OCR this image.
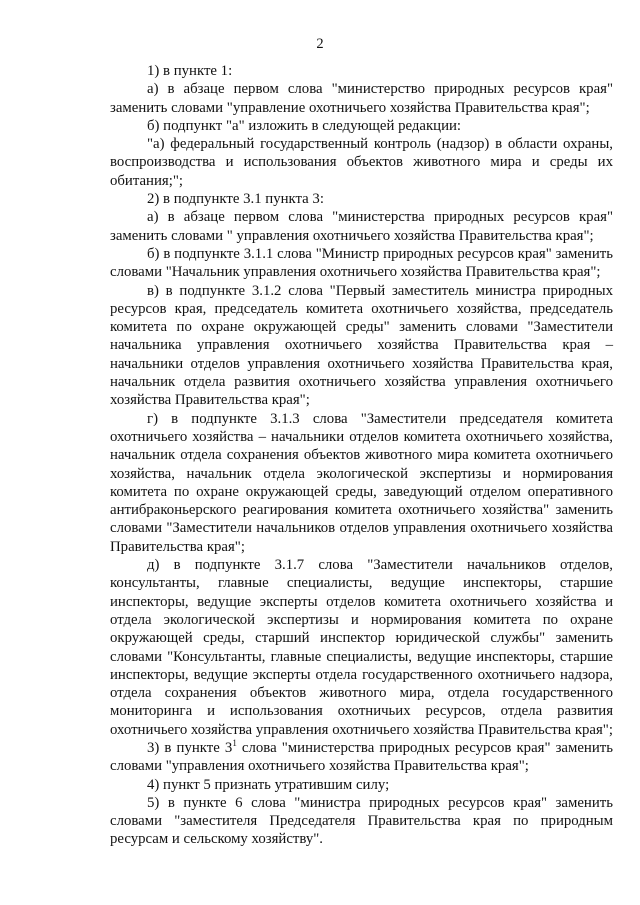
2

1) в пункте 1:

а) в абзаце первом слова "министерство природных ресурсов края" заменить словами "управление охотничьего хозяйства Правительства края";

б) подпункт "а" изложить в следующей редакции:

"а) федеральный государственный контроль (надзор) в области охраны, воспроизводства и использования объектов животного мира и среды их обитания;";

2) в подпункте 3.1 пункта 3:

а) в абзаце первом слова "министерства природных ресурсов края" заменить словами " управления охотничьего хозяйства Правительства края";

б) в подпункте 3.1.1 слова "Министр природных ресурсов края" заменить словами "Начальник управления охотничьего хозяйства Правительства края";

в) в подпункте 3.1.2 слова "Первый заместитель министра природных ресурсов края, председатель комитета охотничьего хозяйства, председатель комитета по охране окружающей среды" заменить словами "Заместители начальника управления охотничьего хозяйства Правительства края – начальники отделов управления охотничьего хозяйства Правительства края, начальник отдела развития охотничьего хозяйства управления охотничьего хозяйства Правительства края";

г) в подпункте 3.1.3 слова "Заместители председателя комитета охотничьего хозяйства – начальники отделов комитета охотничьего хозяйства, начальник отдела сохранения объектов животного мира комитета охотничьего хозяйства, начальник отдела экологической экспертизы и нормирования комитета по охране окружающей среды, заведующий отделом оперативного антибраконьерского реагирования комитета охотничьего хозяйства" заменить словами "Заместители начальников отделов управления охотничьего хозяйства Правительства края";

д) в подпункте 3.1.7 слова "Заместители начальников отделов, консультанты, главные специалисты, ведущие инспекторы, старшие инспекторы, ведущие эксперты отделов комитета охотничьего хозяйства и отдела экологической экспертизы и нормирования комитета по охране окружающей среды, старший инспектор юридической службы" заменить словами "Консультанты, главные специалисты, ведущие инспекторы, старшие инспекторы, ведущие эксперты отдела государственного охотничьего надзора, отдела сохранения объектов животного мира, отдела государственного мониторинга и использования охотничьих ресурсов, отдела развития охотничьего хозяйства управления охотничьего хозяйства Правительства края";

3) в пункте $3^1$ слова "министерства природных ресурсов края" заменить словами "управления охотничьего хозяйства Правительства края";

4) пункт 5 признать утратившим силу;

5) в пункте 6 слова "министра природных ресурсов края" заменить словами "заместителя Председателя Правительства края по природным ресурсам и сельскому хозяйству".
